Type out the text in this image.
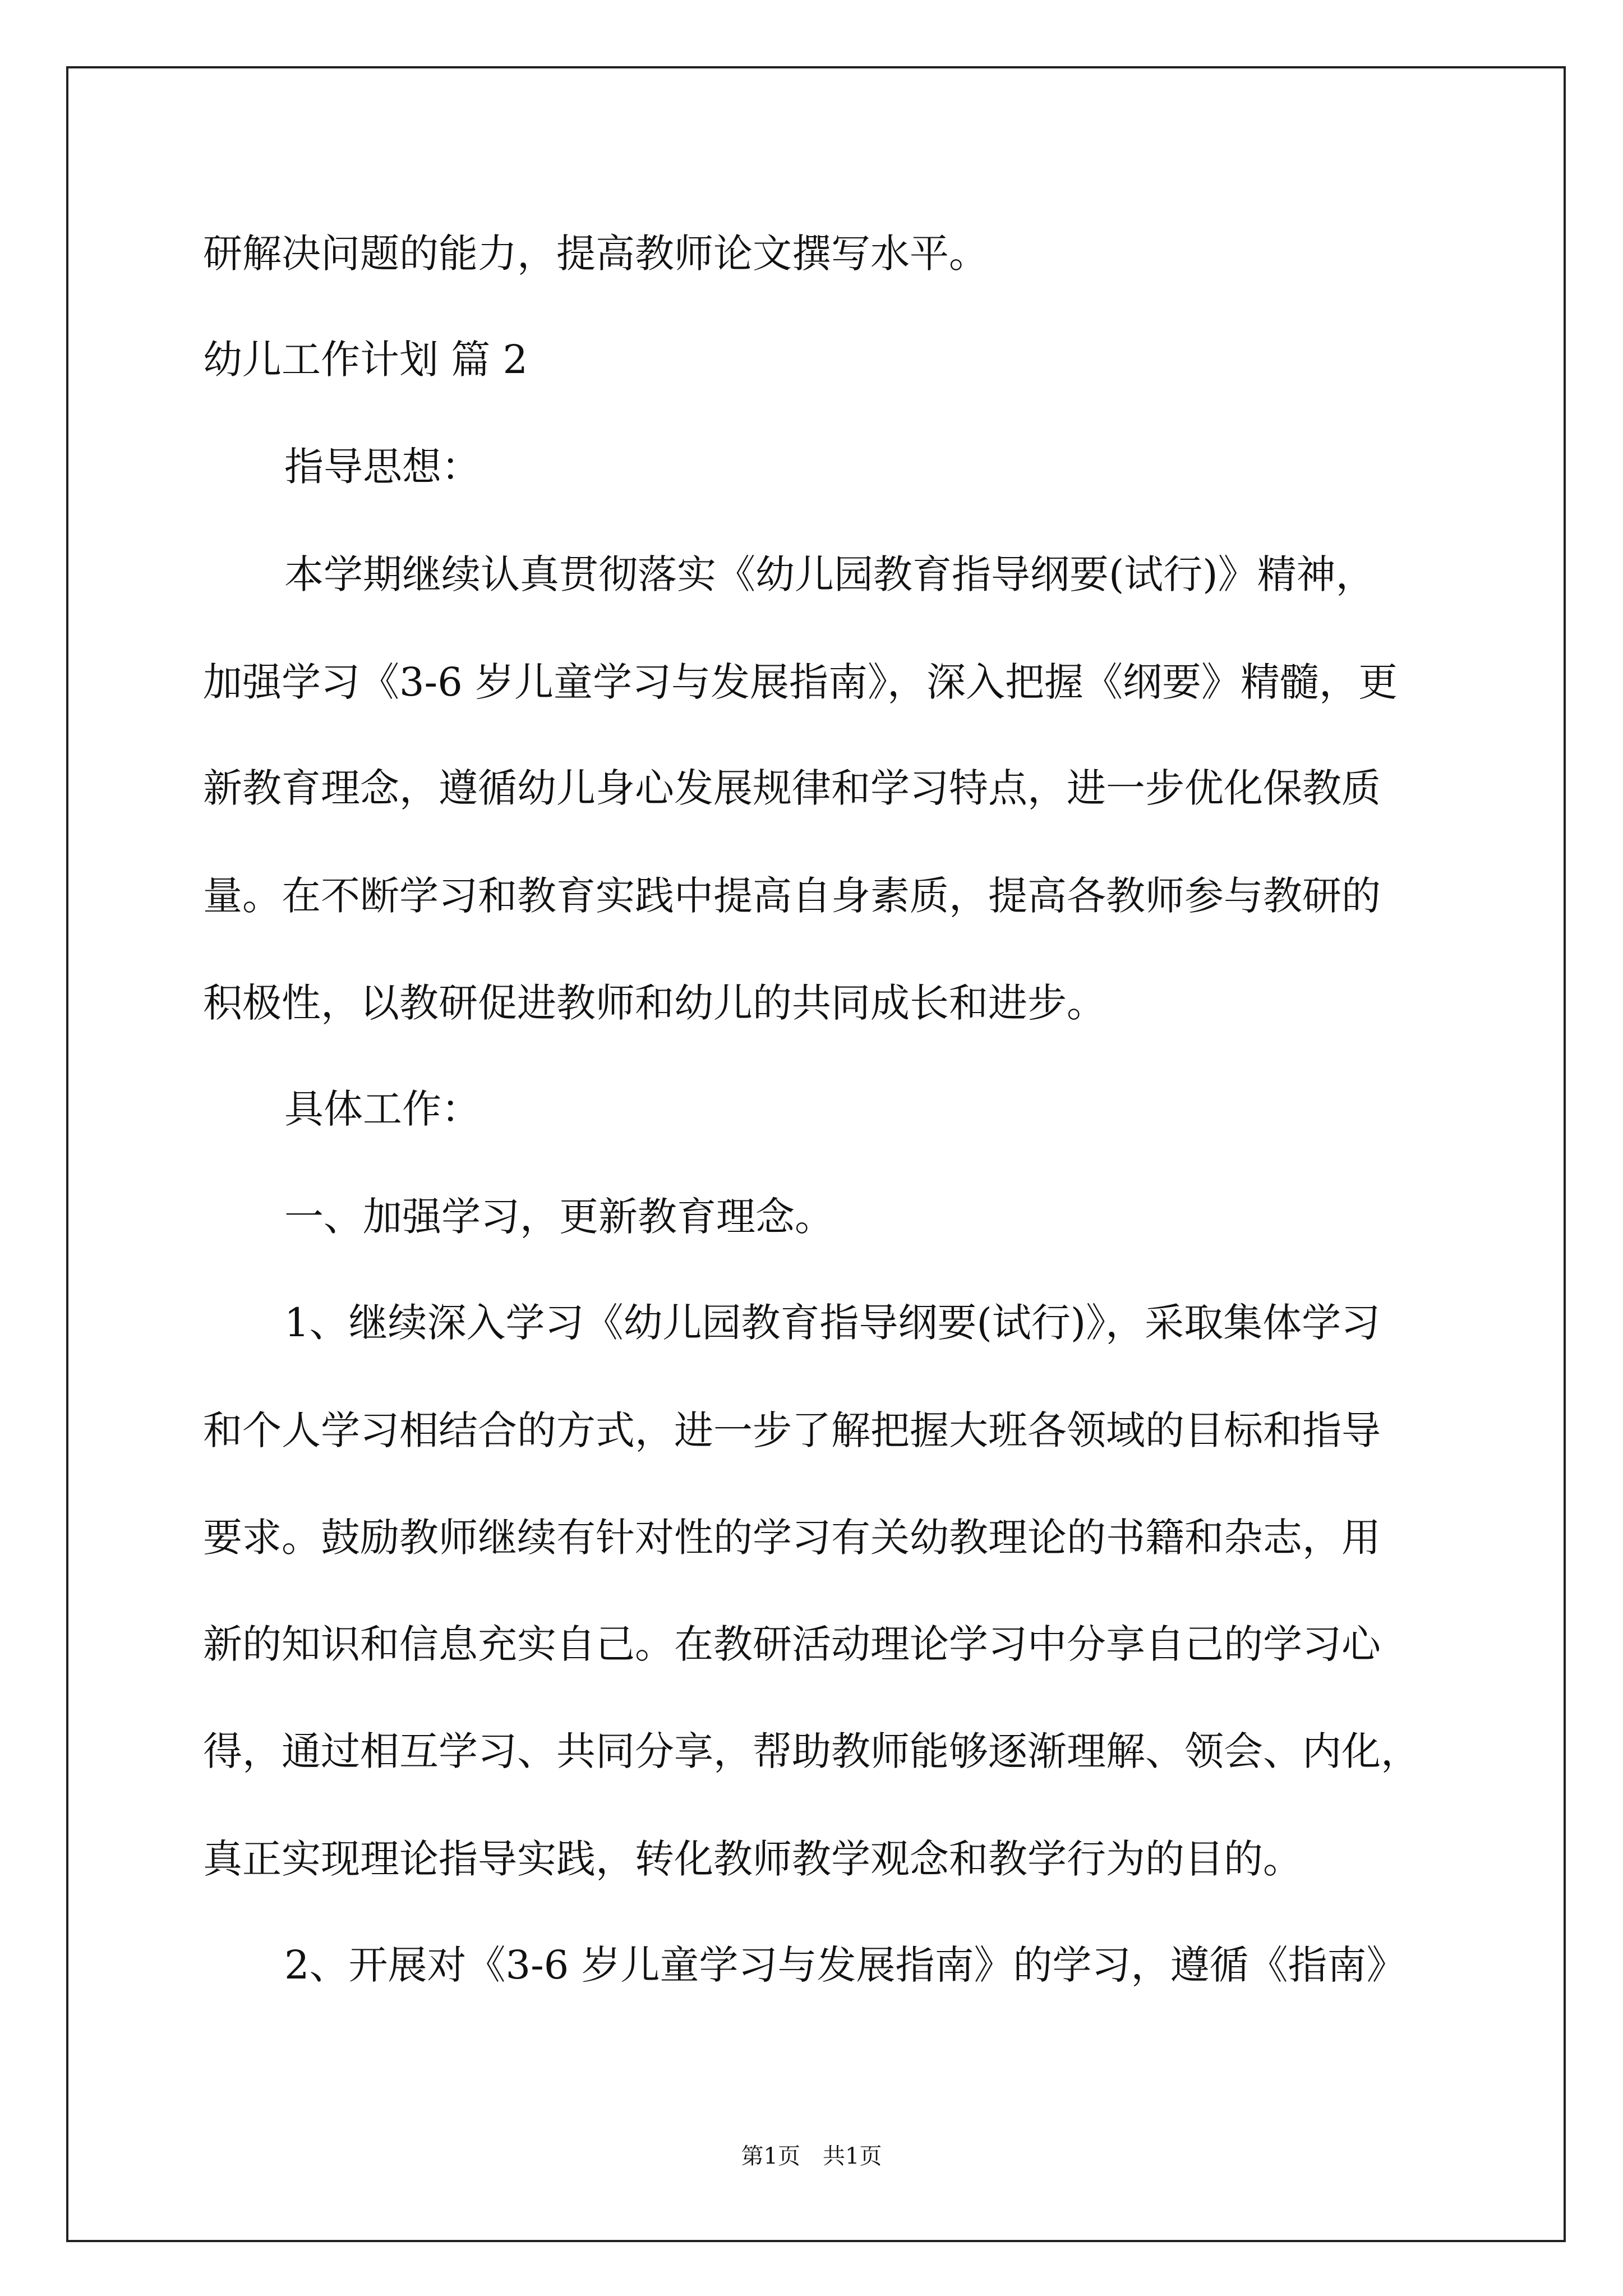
研解决问题的能力，提高教师论文撰写水平。
幼儿工作计划 篇 2
指导思想：
本学期继续认真贯彻落实《幼儿园教育指导纲要(试行)》精神，
加强学习《3-6 岁儿童学习与发展指南》，深入把握《纲要》精髓，更
新教育理念，遵循幼儿身心发展规律和学习特点，进一步优化保教质
量。在不断学习和教育实践中提高自身素质，提高各教师参与教研的
积极性，以教研促进教师和幼儿的共同成长和进步。
具体工作：
一、加强学习，更新教育理念。
1、继续深入学习《幼儿园教育指导纲要(试行)》，采取集体学习
和个人学习相结合的方式，进一步了解把握大班各领域的目标和指导
要求。鼓励教师继续有针对性的学习有关幼教理论的书籍和杂志，用
新的知识和信息充实自己。在教研活动理论学习中分享自己的学习心
得，通过相互学习、共同分享，帮助教师能够逐渐理解、领会、内化，
真正实现理论指导实践，转化教师教学观念和教学行为的目的。
2、开展对《3-6 岁儿童学习与发展指南》的学习，遵循《指南》
第1页　共1页
